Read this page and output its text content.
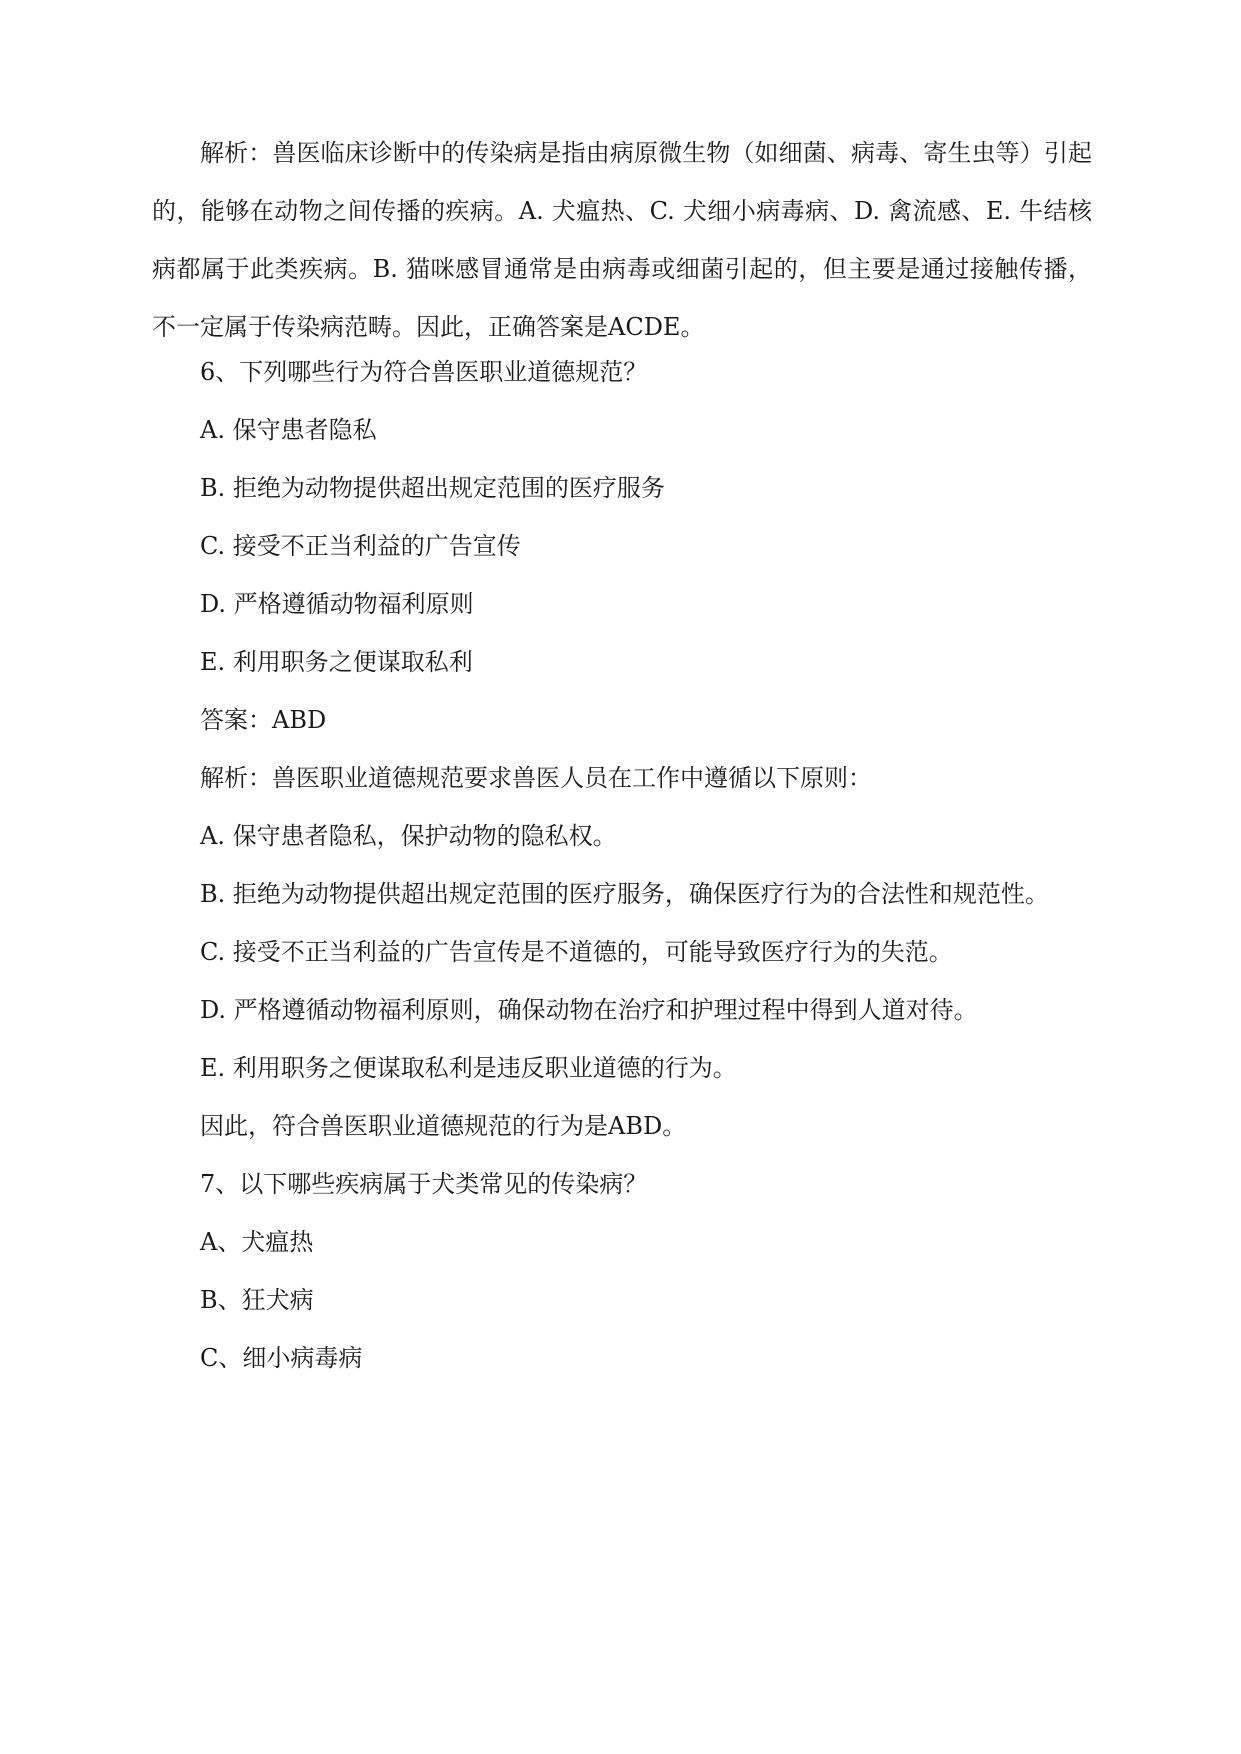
解析：兽医临床诊断中的传染病是指由病原微生物（如细菌、病毒、寄生虫等）引起的，能够在动物之间传播的疾病。A. 犬瘟热、C. 犬细小病毒病、D. 禽流感、E. 牛结核病都属于此类疾病。B. 猫咪感冒通常是由病毒或细菌引起的，但主要是通过接触传播，不一定属于传染病范畴。因此，正确答案是ACDE。

6、下列哪些行为符合兽医职业道德规范？

A. 保守患者隐私

B. 拒绝为动物提供超出规定范围的医疗服务

C. 接受不正当利益的广告宣传

D. 严格遵循动物福利原则

E. 利用职务之便谋取私利

答案：ABD

解析：兽医职业道德规范要求兽医人员在工作中遵循以下原则：

A. 保守患者隐私，保护动物的隐私权。

B. 拒绝为动物提供超出规定范围的医疗服务，确保医疗行为的合法性和规范性。

C. 接受不正当利益的广告宣传是不道德的，可能导致医疗行为的失范。

D. 严格遵循动物福利原则，确保动物在治疗和护理过程中得到人道对待。

E. 利用职务之便谋取私利是违反职业道德的行为。

因此，符合兽医职业道德规范的行为是ABD。

7、以下哪些疾病属于犬类常见的传染病？

A、犬瘟热

B、狂犬病

C、细小病毒病
